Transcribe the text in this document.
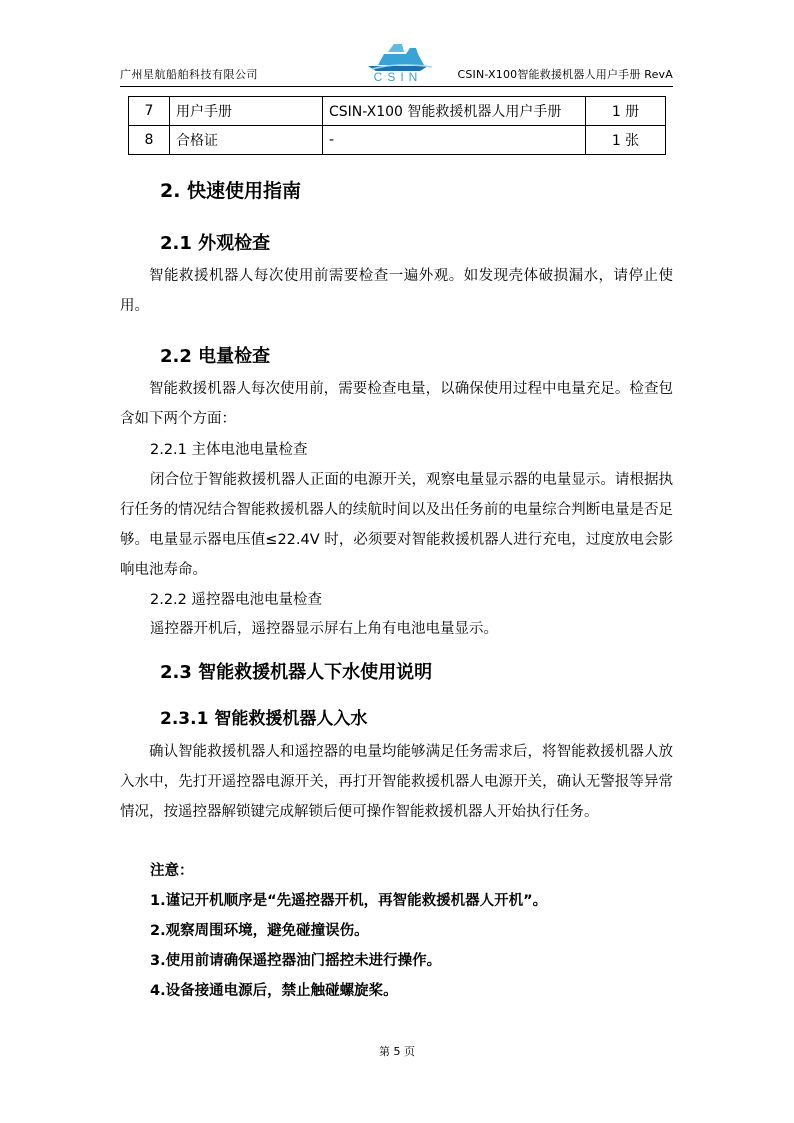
广州星航船舶科技有限公司	CSIN	CSIN-X100智能救援机器人用户手册 RevA
7	用户手册	CSIN-X100 智能救援机器人用户手册	1 册
8	合格证	-	1 张
2. 快速使用指南
2.1 外观检查
智能救援机器人每次使用前需要检查一遍外观。如发现壳体破损漏水，请停止使用。
2.2 电量检查
智能救援机器人每次使用前，需要检查电量，以确保使用过程中电量充足。检查包含如下两个方面：
2.2.1 主体电池电量检查
闭合位于智能救援机器人正面的电源开关，观察电量显示器的电量显示。请根据执行任务的情况结合智能救援机器人的续航时间以及出任务前的电量综合判断电量是否足够。电量显示器电压值≤22.4V 时，必须要对智能救援机器人进行充电，过度放电会影响电池寿命。
2.2.2 遥控器电池电量检查
遥控器开机后，遥控器显示屏右上角有电池电量显示。
2.3 智能救援机器人下水使用说明
2.3.1 智能救援机器人入水
确认智能救援机器人和遥控器的电量均能够满足任务需求后，将智能救援机器人放入水中，先打开遥控器电源开关，再打开智能救援机器人电源开关，确认无警报等异常情况，按遥控器解锁键完成解锁后便可操作智能救援机器人开始执行任务。
注意：
1.谨记开机顺序是“先遥控器开机，再智能救援机器人开机”。
2.观察周围环境，避免碰撞误伤。
3.使用前请确保遥控器油门摇控未进行操作。
4.设备接通电源后，禁止触碰螺旋桨。
第 5 页
